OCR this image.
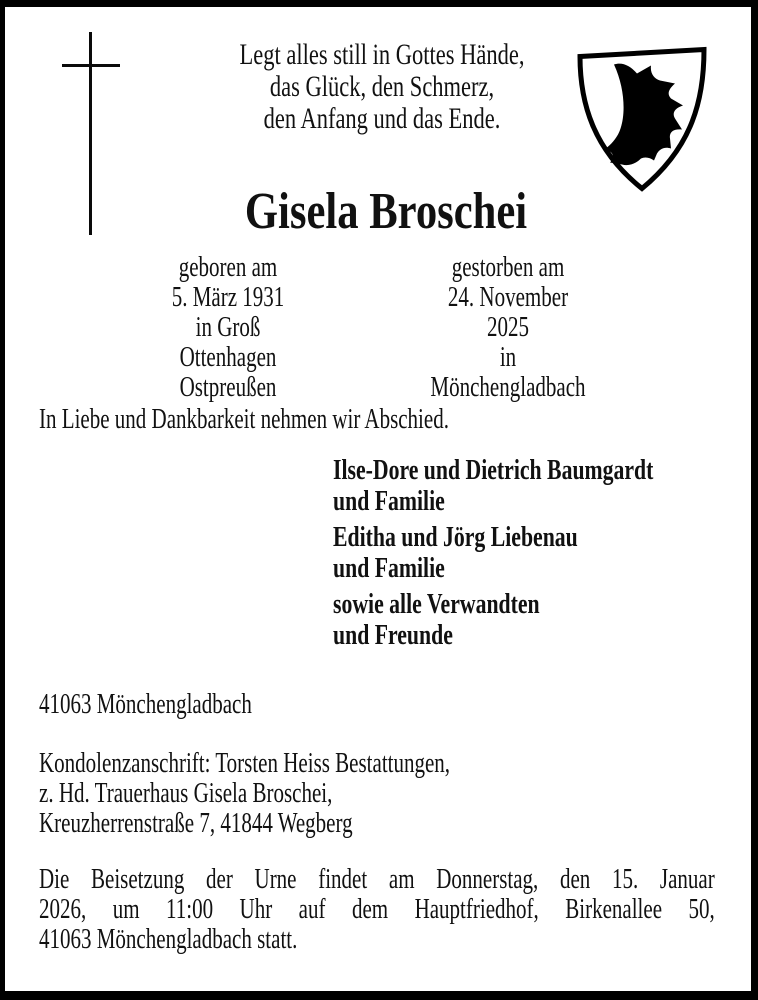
Legt alles still in Gottes Hände,
das Glück, den Schmerz,
den Anfang und das Ende.
Gisela Broschei
geboren am
5. März 1931
in Groß Ottenhagen
Ostpreußen
gestorben am
24. November 2025
in Mönchengladbach
In Liebe und Dankbarkeit nehmen wir Abschied.
Ilse-Dore und Dietrich Baumgardt
und Familie
Editha und Jörg Liebenau
und Familie
sowie alle Verwandten
und Freunde
41063 Mönchengladbach
Kondolenzanschrift: Torsten Heiss Bestattungen,
z. Hd. Trauerhaus Gisela Broschei,
Kreuzherrenstraße 7, 41844 Wegberg
Die Beisetzung der Urne findet am Donnerstag, den 15. Januar
2026, um 11:00 Uhr auf dem Hauptfriedhof, Birkenallee 50,
41063 Mönchengladbach statt.
